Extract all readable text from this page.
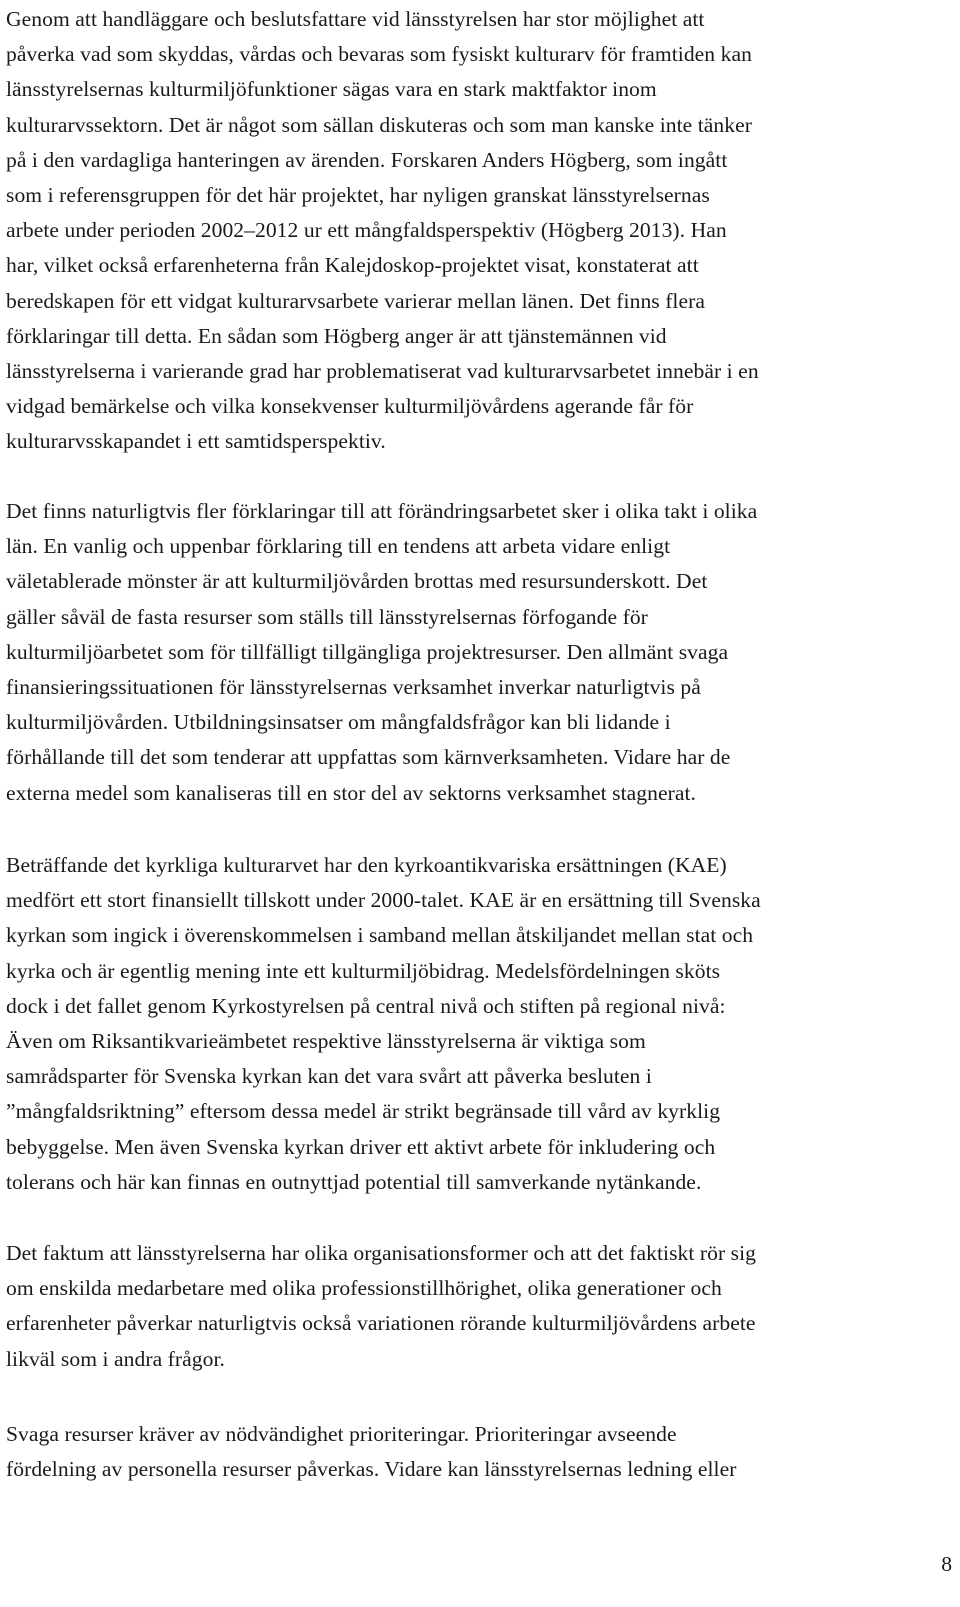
Genom att handläggare och beslutsfattare vid länsstyrelsen har stor möjlighet att
påverka vad som skyddas, vårdas och bevaras som fysiskt kulturarv för framtiden kan
länsstyrelsernas kulturmiljöfunktioner sägas vara en stark maktfaktor inom
kulturarvssektorn. Det är något som sällan diskuteras och som man kanske inte tänker
på i den vardagliga hanteringen av ärenden. Forskaren Anders Högberg, som ingått
som i referensgruppen för det här projektet, har nyligen granskat länsstyrelsernas
arbete under perioden 2002–2012 ur ett mångfaldsperspektiv (Högberg 2013). Han
har, vilket också erfarenheterna från Kalejdoskop-projektet visat, konstaterat att
beredskapen för ett vidgat kulturarvsarbete varierar mellan länen. Det finns flera
förklaringar till detta. En sådan som Högberg anger är att tjänstemännen vid
länsstyrelserna i varierande grad har problematiserat vad kulturarvsarbetet innebär i en
vidgad bemärkelse och vilka konsekvenser kulturmiljövårdens agerande får för
kulturarvsskapandet i ett samtidsperspektiv.
Det finns naturligtvis fler förklaringar till att förändringsarbetet sker i olika takt i olika
län. En vanlig och uppenbar förklaring till en tendens att arbeta vidare enligt
väletablerade mönster är att kulturmiljövården brottas med resursunderskott. Det
gäller såväl de fasta resurser som ställs till länsstyrelsernas förfogande för
kulturmiljöarbetet som för tillfälligt tillgängliga projektresurser. Den allmänt svaga
finansieringssituationen för länsstyrelsernas verksamhet inverkar naturligtvis på
kulturmiljövården. Utbildningsinsatser om mångfaldsfrågor kan bli lidande i
förhållande till det som tenderar att uppfattas som kärnverksamheten. Vidare har de
externa medel som kanaliseras till en stor del av sektorns verksamhet stagnerat.
Beträffande det kyrkliga kulturarvet har den kyrkoantikvariska ersättningen (KAE)
medfört ett stort finansiellt tillskott under 2000-talet. KAE är en ersättning till Svenska
kyrkan som ingick i överenskommelsen i samband mellan åtskiljandet mellan stat och
kyrka och är egentlig mening inte ett kulturmiljöbidrag. Medelsfördelningen sköts
dock i det fallet genom Kyrkostyrelsen på central nivå och stiften på regional nivå:
Även om Riksantikvarieämbetet respektive länsstyrelserna är viktiga som
samrådsparter för Svenska kyrkan kan det vara svårt att påverka besluten i
”mångfaldsriktning” eftersom dessa medel är strikt begränsade till vård av kyrklig
bebyggelse. Men även Svenska kyrkan driver ett aktivt arbete för inkludering och
tolerans och här kan finnas en outnyttjad potential till samverkande nytänkande.
Det faktum att länsstyrelserna har olika organisationsformer och att det faktiskt rör sig
om enskilda medarbetare med olika professionstillhörighet, olika generationer och
erfarenheter påverkar naturligtvis också variationen rörande kulturmiljövårdens arbete
likväl som i andra frågor.
Svaga resurser kräver av nödvändighet prioriteringar. Prioriteringar avseende
fördelning av personella resurser påverkas. Vidare kan länsstyrelsernas ledning eller
8
